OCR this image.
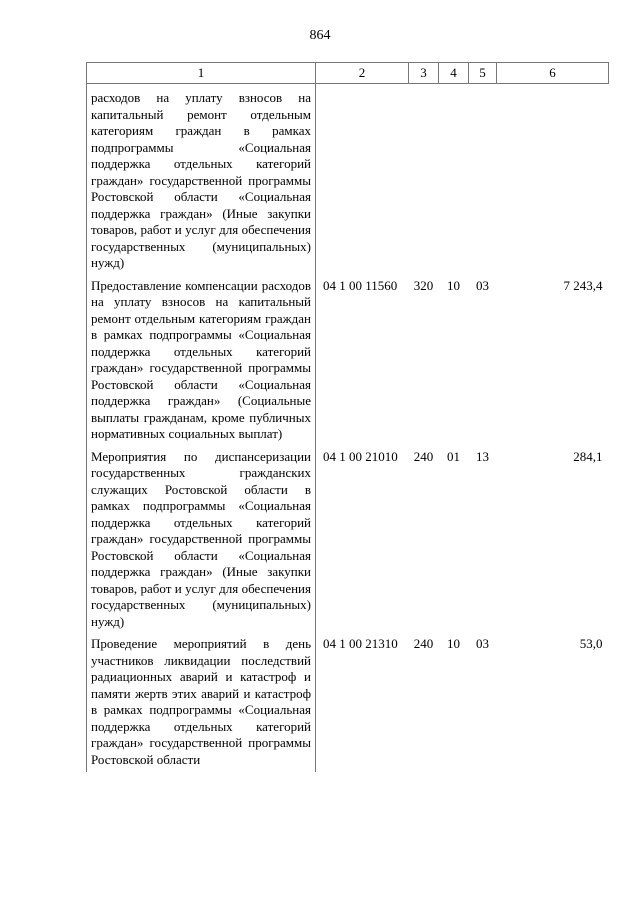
864
1	2	3	4	5	6
расходов на уплату взносов на капитальный ремонт отдельным категориям граждан в рамках подпрограммы «Социальная поддержка отдельных категорий граждан» государственной программы Ростовской области «Социальная поддержка граждан» (Иные закупки товаров, работ и услуг для обеспечения государственных (муниципальных) нужд)					
Предоставление компенсации расходов на уплату взносов на капитальный ремонт отдельным категориям граждан в рамках подпрограммы «Социальная поддержка отдельных категорий граждан» государственной программы Ростовской области «Социальная поддержка граждан» (Социальные выплаты гражданам, кроме публичных нормативных социальных выплат)	04 1 00 11560	320	10	03	7 243,4
Мероприятия по диспансеризации государственных гражданских служащих Ростовской области в рамках подпрограммы «Социальная поддержка отдельных категорий граждан» государственной программы Ростовской области «Социальная поддержка граждан» (Иные закупки товаров, работ и услуг для обеспечения государственных (муниципальных) нужд)	04 1 00 21010	240	01	13	284,1
Проведение мероприятий в день участников ликвидации последствий радиационных аварий и катастроф и памяти жертв этих аварий и катастроф в рамках подпрограммы «Социальная поддержка отдельных категорий граждан» государственной программы Ростовской области	04 1 00 21310	240	10	03	53,0
